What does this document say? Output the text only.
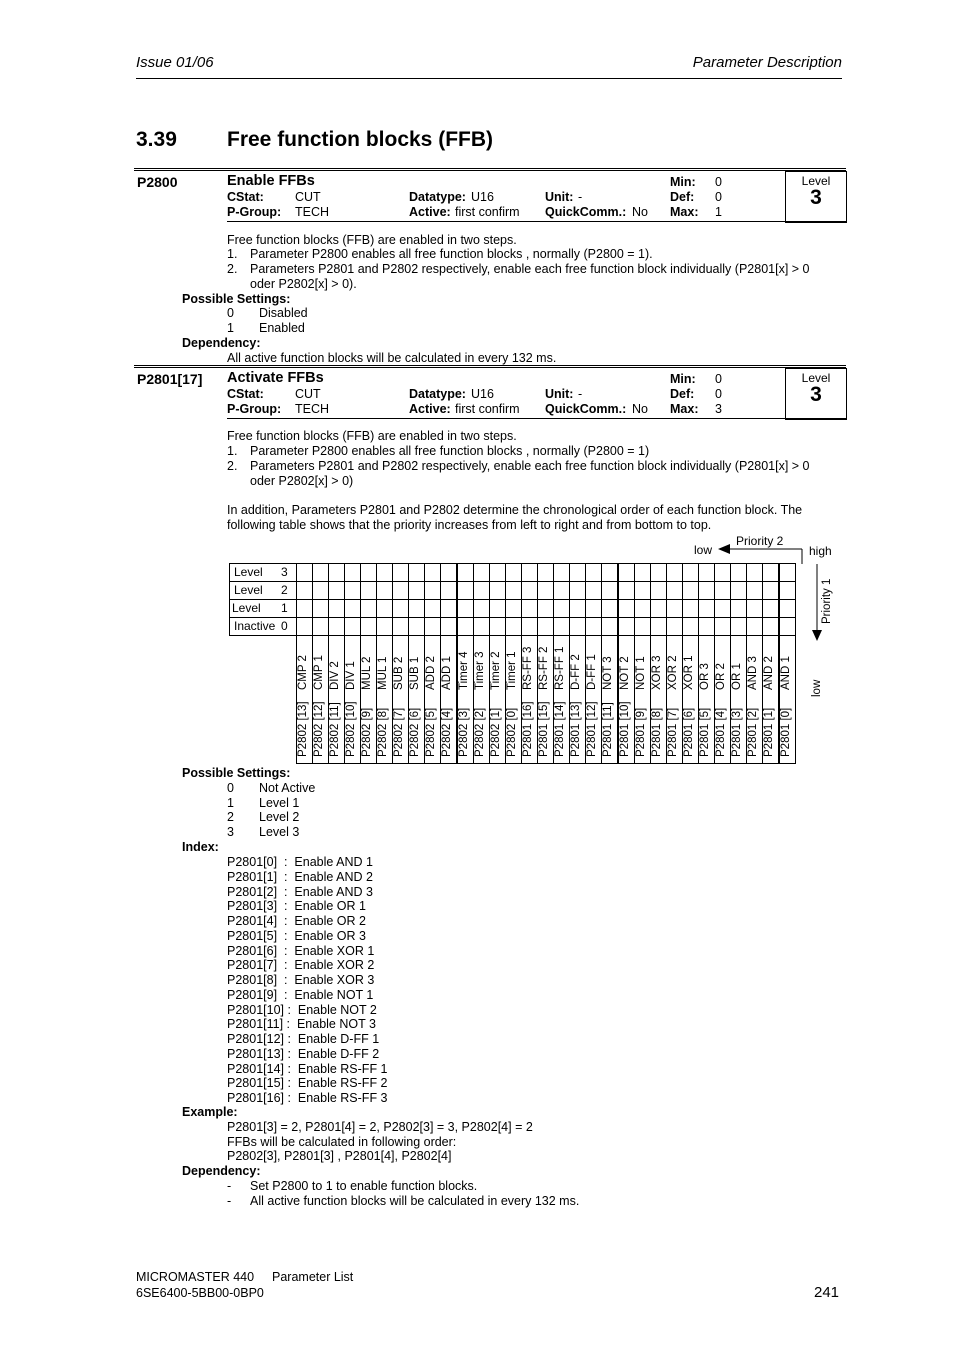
Issue 01/06	Parameter Description
3.39 Free function blocks (FFB)
P2800	Enable FFBs
CStat: CUT
P-Group: TECH
Datatype: U16
Active: first confirm
Unit: -
QuickComm.: No
Min: 0
Def: 0
Max: 1
Level
3
Free function blocks (FFB) are enabled in two steps.
1. Parameter P2800 enables all free function blocks , normally (P2800 = 1).
2. Parameters P2801 and P2802 respectively, enable each free function block individually (P2801[x] > 0
oder P2802[x] > 0).
Possible Settings:
0 Disabled
1 Enabled
Dependency:
All active function blocks will be calculated in every 132 ms.
P2801[17] Activate FFBs
CStat: CUT
P-Group: TECH
Datatype: U16
Active: first confirm
Unit: -
QuickComm.: No
Min: 0
Def: 0
Max: 3
Level
3
Free function blocks (FFB) are enabled in two steps.
1. Parameter P2800 enables all free function blocks , normally (P2800 = 1)
2. Parameters P2801 and P2802 respectively, enable each free function block individually (P2801[x] > 0
oder P2802[x] > 0)
In addition, Parameters P2801 and P2802 determine the chronological order of each function block. The
following table shows that the priority increases from left to right and from bottom to top.
Level 3
Level 2
Level 1
Inactive 0
CMP 2
P2802 [13]
CMP 1
P2802 [12]
DIV 2
P2802 [11]
DIV 1
P2802 [10]
MUL 2
P2802 [9]
MUL 1
P2802 [8]
SUB 2
P2802 [7]
SUB 1
P2802 [6]
ADD 2
P2802 [5]
ADD 1
P2802 [4]
Timer 4
P2802 [3]
Timer 3
P2802 [2]
Timer 2
P2802 [1]
Timer 1
P2802 [0]
RS-FF 3
P2801 [16]
RS-FF 2
P2801 [15]
RS-FF 1
P2801 [14]
D-FF 2
P2801 [13]
D-FF 1
P2801 [12]
NOT 3
P2801 [11]
NOT 2
P2801 [10]
NOT 1
P2801 [9]
XOR 3
P2801 [8]
XOR 2
P2801 [7]
XOR 1
P2801 [6]
OR 3
P2801 [5]
OR 2
P2801 [4]
OR 1
P2801 [3]
AND 3
P2801 [2]
AND 2
P2801 [1]
AND 1
P2801 [0]
Priority 2
low	high
Priority 1
low
Possible Settings:
0 Not Active
1 Level 1
2 Level 2
3 Level 3
Index:
P2801[0]  :  Enable AND 1
P2801[1]  :  Enable AND 2
P2801[2]  :  Enable AND 3
P2801[3]  :  Enable OR 1
P2801[4]  :  Enable OR 2
P2801[5]  :  Enable OR 3
P2801[6]  :  Enable XOR 1
P2801[7]  :  Enable XOR 2
P2801[8]  :  Enable XOR 3
P2801[9]  :  Enable NOT 1
P2801[10] :  Enable NOT 2
P2801[11] :  Enable NOT 3
P2801[12] :  Enable D-FF 1
P2801[13] :  Enable D-FF 2
P2801[14] :  Enable RS-FF 1
P2801[15] :  Enable RS-FF 2
P2801[16] :  Enable RS-FF 3
Example:
P2801[3] = 2, P2801[4] = 2, P2802[3] = 3, P2802[4] = 2
FFBs will be calculated in following order:
P2802[3], P2801[3] , P2801[4], P2802[4]
Dependency:
- Set P2800 to 1 to enable function blocks.
- All active function blocks will be calculated in every 132 ms.
MICROMASTER 440 Parameter List
6SE6400-5BB00-0BP0	241
